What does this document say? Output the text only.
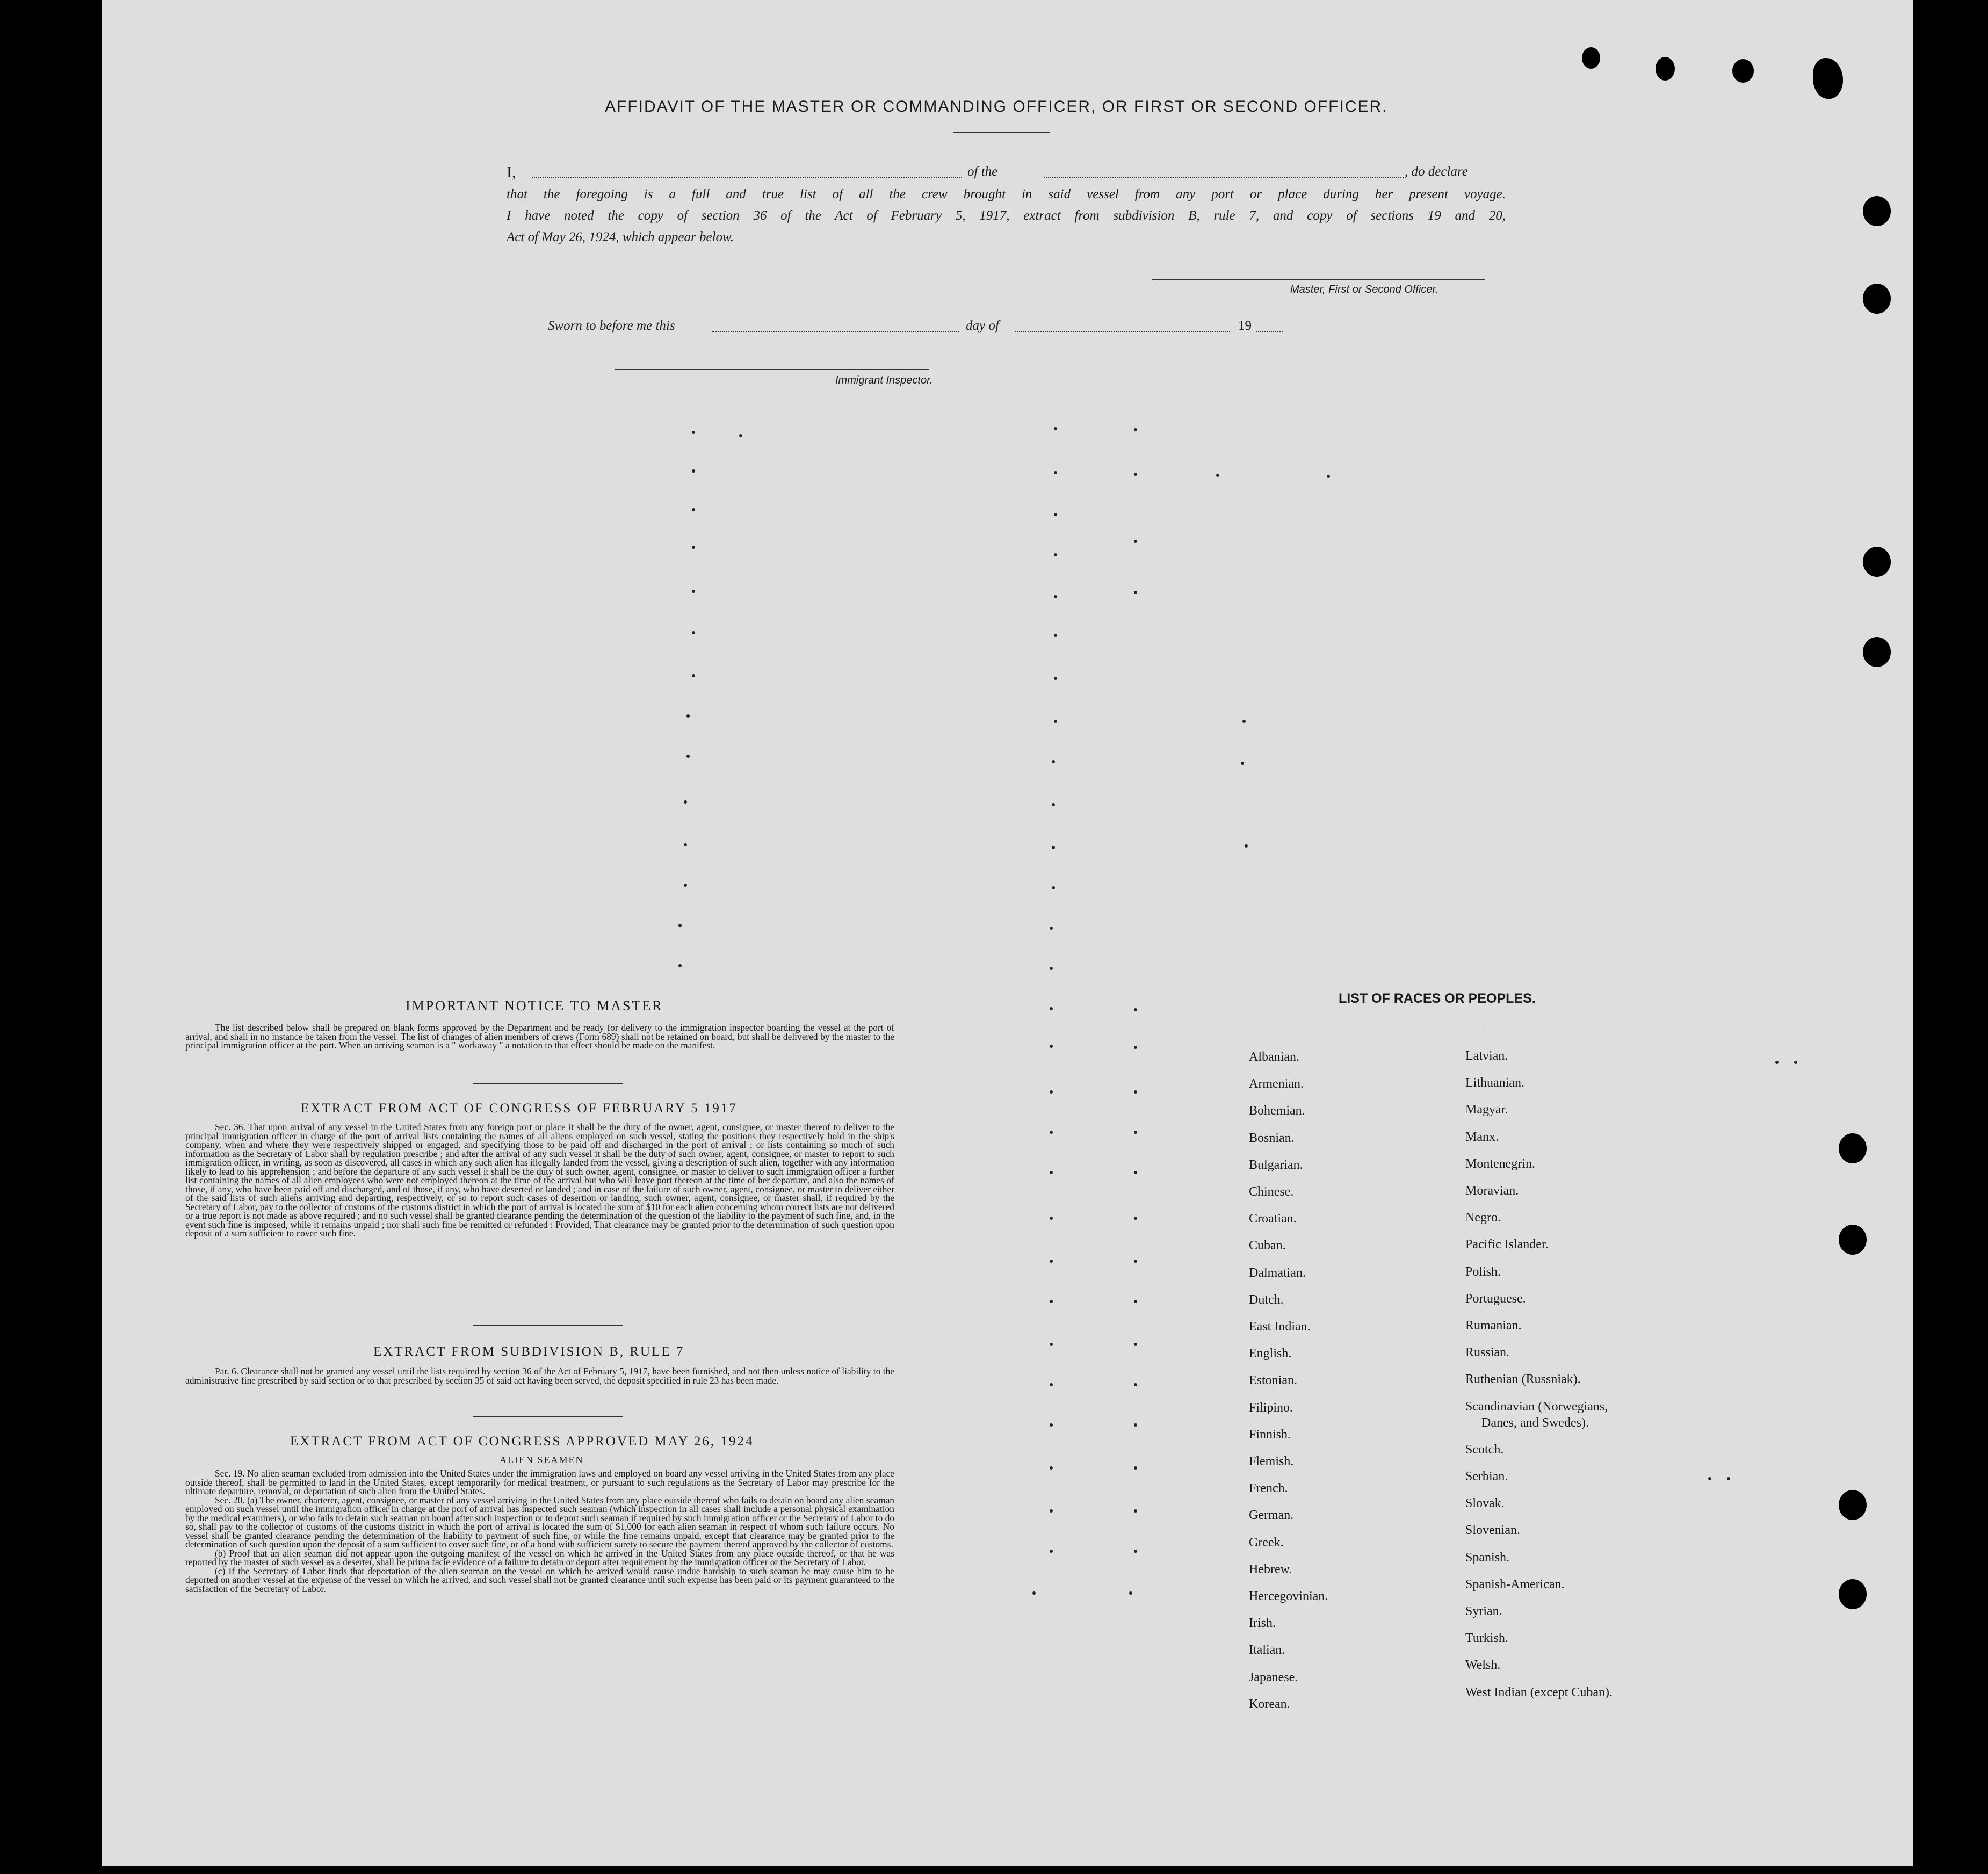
AFFIDAVIT OF THE MASTER OR COMMANDING OFFICER, OR FIRST OR SECOND OFFICER.
I,	of the	, do declare
that the foregoing is a full and true list of all the crew brought in said vessel from any port or place during her present voyage.
I have noted the copy of section 36 of the Act of February 5, 1917, extract from subdivision B, rule 7, and copy of sections 19 and 20,
Act of May 26, 1924, which appear below.
Master, First or Second Officer.
Sworn to before me this	day of	19
Immigrant Inspector.
IMPORTANT NOTICE TO MASTER

The list described below shall be prepared on blank forms approved by the Department and be ready for delivery to the immigration inspector boarding the vessel at the port of arrival, and shall in no instance be taken from the vessel. The list of changes of alien members of crews (Form 689) shall not be retained on board, but shall be delivered by the master to the principal immigration officer at the port. When an arriving seaman is a " workaway " a notation to that effect should be made on the manifest.

EXTRACT FROM ACT OF CONGRESS OF FEBRUARY 5 1917

Sec. 36. That upon arrival of any vessel in the United States from any foreign port or place it shall be the duty of the owner, agent, consignee, or master thereof to deliver to the principal immigration officer in charge of the port of arrival lists containing the names of all aliens employed on such vessel, stating the positions they respectively hold in the ship's company, when and where they were respectively shipped or engaged, and specifying those to be paid off and discharged in the port of arrival ; or lists containing so much of such information as the Secretary of Labor shall by regulation prescribe ; and after the arrival of any such vessel it shall be the duty of such owner, agent, consignee, or master to report to such immigration officer, in writing, as soon as discovered, all cases in which any such alien has illegally landed from the vessel, giving a description of such alien, together with any information likely to lead to his apprehension ; and before the departure of any such vessel it shall be the duty of such owner, agent, consignee, or master to deliver to such immigration officer a further list containing the names of all alien employees who were not employed thereon at the time of the arrival but who will leave port thereon at the time of her departure, and also the names of those, if any, who have been paid off and discharged, and of those, if any, who have deserted or landed ; and in case of the failure of such owner, agent, consignee, or master to deliver either of the said lists of such aliens arriving and departing, respectively, or so to report such cases of desertion or landing, such owner, agent, consignee, or master shall, if required by the Secretary of Labor, pay to the collector of customs of the customs district in which the port of arrival is located the sum of $10 for each alien concerning whom correct lists are not delivered or a true report is not made as above required ; and no such vessel shall be granted clearance pending the determination of the question of the liability to the payment of such fine, and, in the event such fine is imposed, while it remains unpaid ; nor shall such fine be remitted or refunded : Provided, That clearance may be granted prior to the determination of such question upon deposit of a sum sufficient to cover such fine.

EXTRACT FROM SUBDIVISION B, RULE 7

Par. 6. Clearance shall not be granted any vessel until the lists required by section 36 of the Act of February 5, 1917, have been furnished, and not then unless notice of liability to the administrative fine prescribed by said section or to that prescribed by section 35 of said act having been served, the deposit specified in rule 23 has been made.

EXTRACT FROM ACT OF CONGRESS APPROVED MAY 26, 1924
ALIEN SEAMEN

Sec. 19. No alien seaman excluded from admission into the United States under the immigration laws and employed on board any vessel arriving in the United States from any place outside thereof, shall be permitted to land in the United States, except temporarily for medical treatment, or pursuant to such regulations as the Secretary of Labor may prescribe for the ultimate departure, removal, or deportation of such alien from the United States.

Sec. 20. (a) The owner, charterer, agent, consignee, or master of any vessel arriving in the United States from any place outside thereof who fails to detain on board any alien seaman employed on such vessel until the immigration officer in charge at the port of arrival has inspected such seaman (which inspection in all cases shall include a personal physical examination by the medical examiners), or who fails to detain such seaman on board after such inspection or to deport such seaman if required by such immigration officer or the Secretary of Labor to do so, shall pay to the collector of customs of the customs district in which the port of arrival is located the sum of $1,000 for each alien seaman in respect of whom such failure occurs. No vessel shall be granted clearance pending the determination of the liability to payment of such fine, or while the fine remains unpaid, except that clearance may be granted prior to the determination of such question upon the deposit of a sum sufficient to cover such fine, or of a bond with sufficient surety to secure the payment thereof approved by the collector of customs.

(b) Proof that an alien seaman did not appear upon the outgoing manifest of the vessel on which he arrived in the United States from any place outside thereof, or that he was reported by the master of such vessel as a deserter, shall be prima facie evidence of a failure to detain or deport after requirement by the immigration officer or the Secretary of Labor.

(c) If the Secretary of Labor finds that deportation of the alien seaman on the vessel on which he arrived would cause undue hardship to such seaman he may cause him to be deported on another vessel at the expense of the vessel on which he arrived, and such vessel shall not be granted clearance until such expense has been paid or its payment guaranteed to the satisfaction of the Secretary of Labor.

LIST OF RACES OR PEOPLES.
Albanian.
Armenian.
Bohemian.
Bosnian.
Bulgarian.
Chinese.
Croatian.
Cuban.
Dalmatian.
Dutch.
East Indian.
English.
Estonian.
Filipino.
Finnish.
Flemish.
French.
German.
Greek.
Hebrew.
Hercegovinian.
Irish.
Italian.
Japanese.
Korean.
Latvian.
Lithuanian.
Magyar.
Manx.
Montenegrin.
Moravian.
Negro.
Pacific Islander.
Polish.
Portuguese.
Rumanian.
Russian.
Ruthenian (Russniak).
Scandinavian (Norwegians,
Danes, and Swedes).
Scotch.
Serbian.
Slovak.
Slovenian.
Spanish.
Spanish-American.
Syrian.
Turkish.
Welsh.
West Indian (except Cuban).
